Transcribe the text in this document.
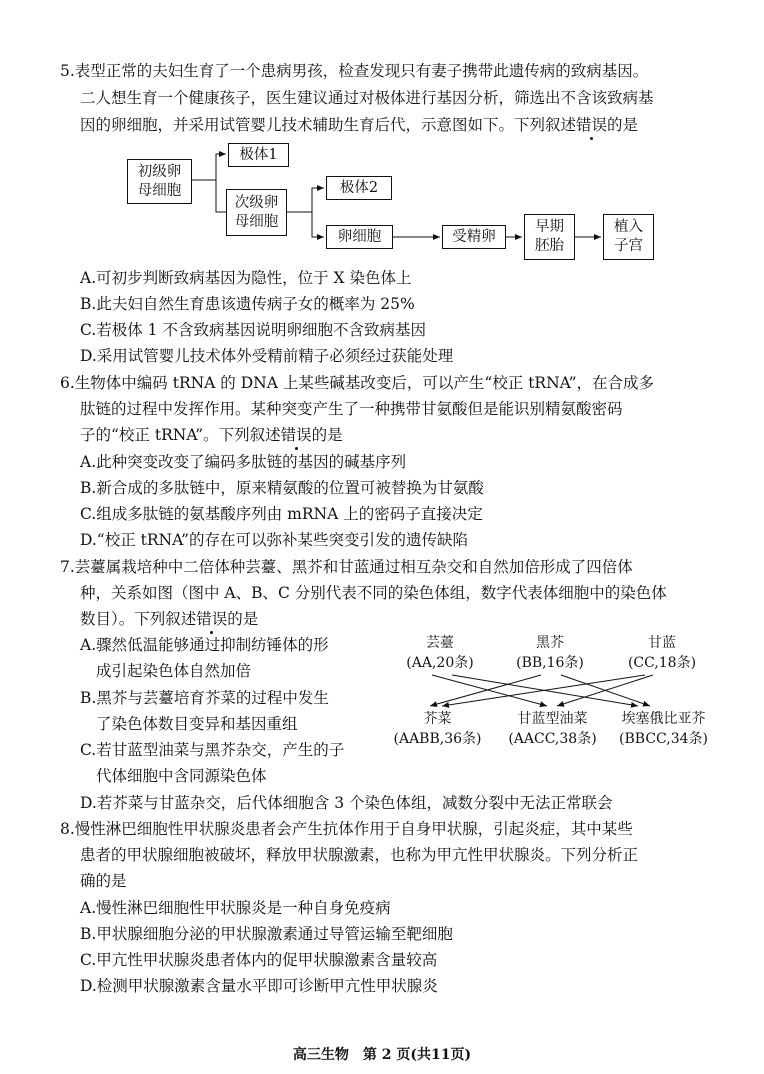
5.表型正常的夫妇生育了一个患病男孩，检查发现只有妻子携带此遗传病的致病基因。
二人想生育一个健康孩子，医生建议通过对极体进行基因分析，筛选出不含该致病基
因的卵细胞，并采用试管婴儿技术辅助生育后代，示意图如下。下列叙述错误的是
初级卵
母细胞
极体1
次级卵
母细胞
极体2
卵细胞	受精卵
早期
胚胎
植入
子宫
A.可初步判断致病基因为隐性，位于 X 染色体上
B.此夫妇自然生育患该遗传病子女的概率为 25%
C.若极体 1 不含致病基因说明卵细胞不含致病基因
D.采用试管婴儿技术体外受精前精子必须经过获能处理
6.生物体中编码 tRNA 的 DNA 上某些碱基改变后，可以产生“校正 tRNA”，在合成多
肽链的过程中发挥作用。某种突变产生了一种携带甘氨酸但是能识别精氨酸密码
子的“校正 tRNA”。下列叙述错误的是
A.此种突变改变了编码多肽链的基因的碱基序列
B.新合成的多肽链中，原来精氨酸的位置可被替换为甘氨酸
C.组成多肽链的氨基酸序列由 mRNA 上的密码子直接决定
D.“校正 tRNA”的存在可以弥补某些突变引发的遗传缺陷
7.芸薹属栽培种中二倍体种芸薹、黑芥和甘蓝通过相互杂交和自然加倍形成了四倍体
种，关系如图（图中 A、B、C 分别代表不同的染色体组，数字代表体细胞中的染色体
数目）。下列叙述错误的是
A.骤然低温能够通过抑制纺锤体的形
成引起染色体自然加倍
B.黑芥与芸薹培育芥菜的过程中发生
了染色体数目变异和基因重组
C.若甘蓝型油菜与黑芥杂交，产生的子
代体细胞中含同源染色体
D.若芥菜与甘蓝杂交，后代体细胞含 3 个染色体组，减数分裂中无法正常联会
芸薹
(AA,20条)
黑芥
(BB,16条)
甘蓝
(CC,18条)
芥菜
(AABB,36条)
甘蓝型油菜
(AACC,38条)
埃塞俄比亚芥
(BBCC,34条)
8.慢性淋巴细胞性甲状腺炎患者会产生抗体作用于自身甲状腺，引起炎症，其中某些
患者的甲状腺细胞被破坏，释放甲状腺激素，也称为甲亢性甲状腺炎。下列分析正
确的是
A.慢性淋巴细胞性甲状腺炎是一种自身免疫病
B.甲状腺细胞分泌的甲状腺激素通过导管运输至靶细胞
C.甲亢性甲状腺炎患者体内的促甲状腺激素含量较高
D.检测甲状腺激素含量水平即可诊断甲亢性甲状腺炎
高三生物　第 2 页(共11页)
